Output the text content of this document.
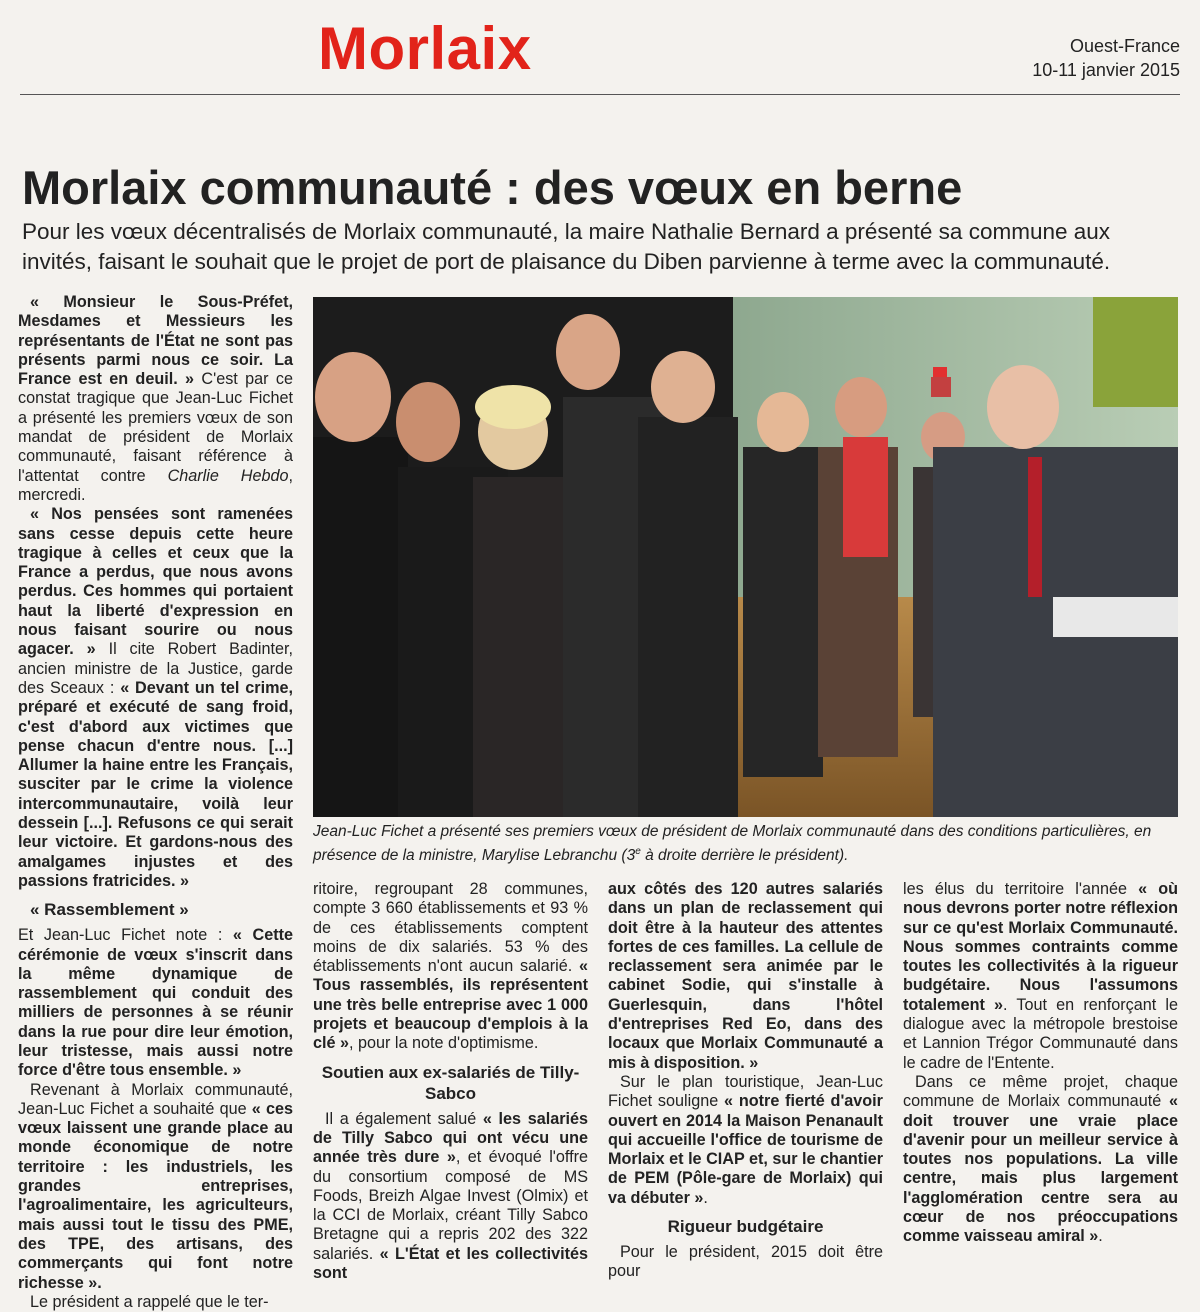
Morlaix	Ouest-France
10-11 janvier 2015
Morlaix communauté : des vœux en berne
Pour les vœux décentralisés de Morlaix communauté, la maire Nathalie Bernard a présenté sa commune aux invités, faisant le souhait que le projet de port de plaisance du Diben parvienne à terme avec la communauté.

« Monsieur le Sous-Préfet, Mesdames et Messieurs les représentants de l'État ne sont pas présents parmi nous ce soir. La France est en deuil. » C'est par ce constat tragique que Jean-Luc Fichet a présenté les premiers vœux de son mandat de président de Morlaix communauté, faisant référence à l'attentat contre Charlie Hebdo, mercredi.

« Nos pensées sont ramenées sans cesse depuis cette heure tragique à celles et ceux que la France a perdus, que nous avons perdus. Ces hommes qui portaient haut la liberté d'expression en nous faisant sourire ou nous agacer. » Il cite Robert Badinter, ancien ministre de la Justice, garde des Sceaux : « Devant un tel crime, préparé et exécuté de sang froid, c'est d'abord aux victimes que pense chacun d'entre nous. [...] Allumer la haine entre les Français, susciter par le crime la violence intercommunautaire, voilà leur dessein [...]. Refusons ce qui serait leur victoire. Et gardons-nous des amalgames injustes et des passions fratricides. »

« Rassemblement »

Et Jean-Luc Fichet note : « Cette cérémonie de vœux s'inscrit dans la même dynamique de rassemblement qui conduit des milliers de personnes à se réunir dans la rue pour dire leur émotion, leur tristesse, mais aussi notre force d'être tous ensemble. »

Revenant à Morlaix communauté, Jean-Luc Fichet a souhaité que « ces vœux laissent une grande place au monde économique de notre territoire : les industriels, les grandes entreprises, l'agroalimentaire, les agriculteurs, mais aussi tout le tissu des PME, des TPE, des artisans, des commerçants qui font notre richesse ».

Le président a rappelé que le ter-

Jean-Luc Fichet a présenté ses premiers vœux de président de Morlaix communauté dans des conditions particulières, en présence de la ministre, Marylise Lebranchu (3e à droite derrière le président).

ritoire, regroupant 28 communes, compte 3 660 établissements et 93 % de ces établissements comptent moins de dix salariés. 53 % des établissements n'ont aucun salarié. « Tous rassemblés, ils représentent une très belle entreprise avec 1 000 projets et beaucoup d'emplois à la clé », pour la note d'optimisme.

Soutien aux ex-salariés de Tilly-Sabco

Il a également salué « les salariés de Tilly Sabco qui ont vécu une année très dure », et évoqué l'offre du consortium composé de MS Foods, Breizh Algae Invest (Olmix) et la CCI de Morlaix, créant Tilly Sabco Bretagne qui a repris 202 des 322 salariés. « L'État et les collectivités sont

aux côtés des 120 autres salariés dans un plan de reclassement qui doit être à la hauteur des attentes fortes de ces familles. La cellule de reclassement sera animée par le cabinet Sodie, qui s'installe à Guerlesquin, dans l'hôtel d'entreprises Red Eo, dans des locaux que Morlaix Communauté a mis à disposition. »

Sur le plan touristique, Jean-Luc Fichet souligne « notre fierté d'avoir ouvert en 2014 la Maison Penanault qui accueille l'office de tourisme de Morlaix et le CIAP et, sur le chantier de PEM (Pôle-gare de Morlaix) qui va débuter ».

Rigueur budgétaire

Pour le président, 2015 doit être pour

les élus du territoire l'année « où nous devrons porter notre réflexion sur ce qu'est Morlaix Communauté. Nous sommes contraints comme toutes les collectivités à la rigueur budgétaire. Nous l'assumons totalement ». Tout en renforçant le dialogue avec la métropole brestoise et Lannion Trégor Communauté dans le cadre de l'Entente.

Dans ce même projet, chaque commune de Morlaix communauté « doit trouver une vraie place d'avenir pour un meilleur service à toutes nos populations. La ville centre, mais plus largement l'agglomération centre sera au cœur de nos préoccupations comme vaisseau amiral ».
